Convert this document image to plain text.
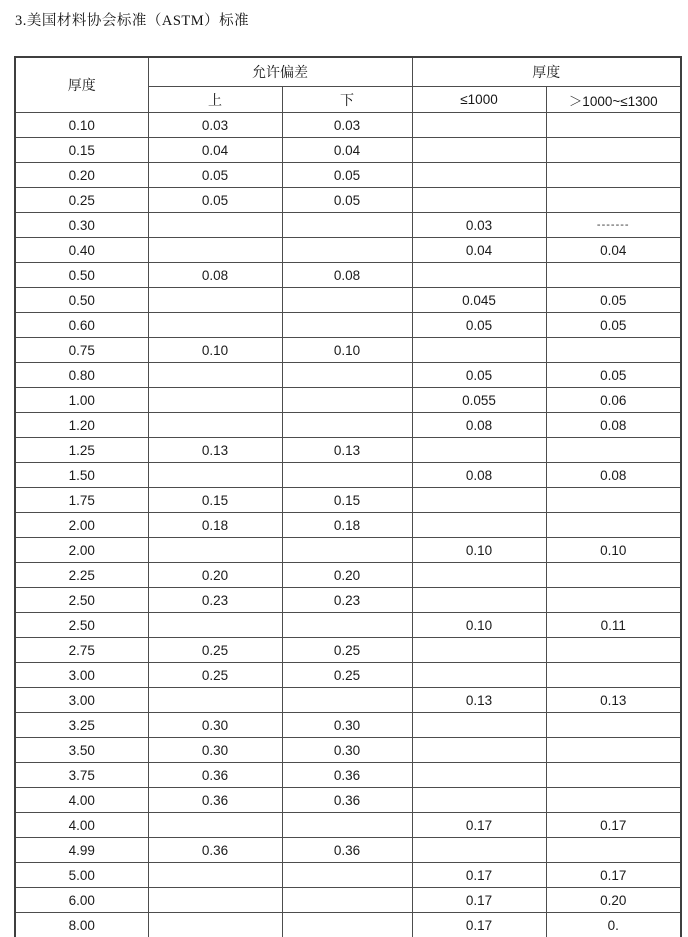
3.美国材料协会标准（ASTM）标准
厚度	允许偏差		厚度	
	上	下	≤1000	＞1000~≤1300
0.10	0.03	0.03		
0.15	0.04	0.04		
0.20	0.05	0.05		
0.25	0.05	0.05		
0.30			0.03	-------
0.40			0.04	0.04
0.50	0.08	0.08		
0.50			0.045	0.05
0.60			0.05	0.05
0.75	0.10	0.10		
0.80			0.05	0.05
1.00			0.055	0.06
1.20			0.08	0.08
1.25	0.13	0.13		
1.50			0.08	0.08
1.75	0.15	0.15		
2.00	0.18	0.18		
2.00			0.10	0.10
2.25	0.20	0.20		
2.50	0.23	0.23		
2.50			0.10	0.11
2.75	0.25	0.25		
3.00	0.25	0.25		
3.00			0.13	0.13
3.25	0.30	0.30		
3.50	0.30	0.30		
3.75	0.36	0.36		
4.00	0.36	0.36		
4.00			0.17	0.17
4.99	0.36	0.36		
5.00			0.17	0.17
6.00			0.17	0.20
8.00			0.17	0.
